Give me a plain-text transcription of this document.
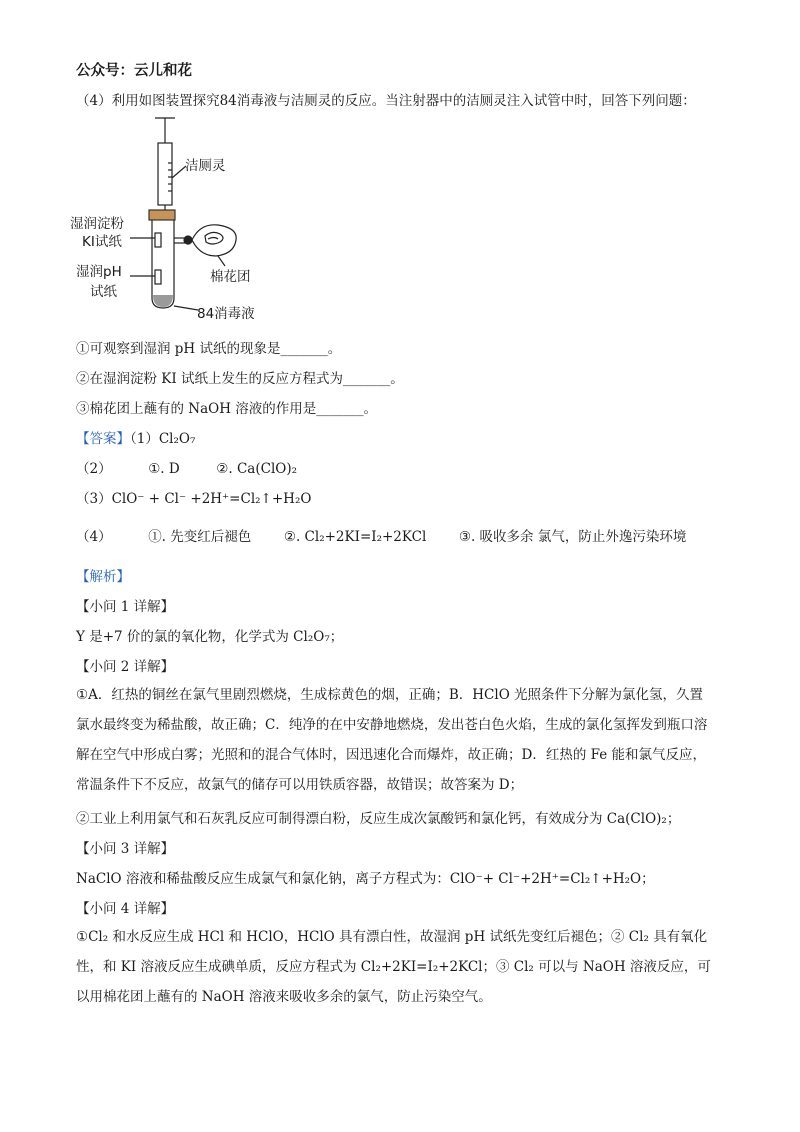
公众号：云儿和花
（4）利用如图装置探究84消毒液与洁厕灵的反应。当注射器中的洁厕灵注入试管中时，回答下列问题：
洁厕灵
湿润淀粉
KI试纸
湿润pH
试纸
棉花团
84消毒液
①可观察到湿润 pH 试纸的现象是_______。
②在湿润淀粉 KI 试纸上发生的反应方程式为_______。
③棉花团上蘸有的 NaOH 溶液的作用是_______。
【答案】（1）Cl₂O₇
（2）	①. D	②. Ca(ClO)₂
（3）ClO⁻ + Cl⁻ +2H⁺=Cl₂↑+H₂O
（4）	①. 先变红后褪色 ②. Cl₂+2KI=I₂+2KCl ③. 吸收多余 氯气，防止外逸污染环境
【解析】
【小问 1 详解】
Y 是+7 价的氯的氧化物，化学式为 Cl₂O₇；
【小问 2 详解】
①A．红热的铜丝在氯气里剧烈燃烧，生成棕黄色的烟，正确；B．HClO 光照条件下分解为氯化氢，久置氯水最终变为稀盐酸，故正确；C．纯净的在中安静地燃烧，发出苍白色火焰，生成的氯化氢挥发到瓶口溶解在空气中形成白雾；光照和的混合气体时，因迅速化合而爆炸，故正确；D．红热的 Fe 能和氯气反应，常温条件下不反应，故氯气的储存可以用铁质容器，故错误；故答案为 D；
②工业上利用氯气和石灰乳反应可制得漂白粉，反应生成次氯酸钙和氯化钙，有效成分为 Ca(ClO)₂；
【小问 3 详解】
NaClO 溶液和稀盐酸反应生成氯气和氯化钠，离子方程式为：ClO⁻+ Cl⁻+2H⁺=Cl₂↑+H₂O；
【小问 4 详解】
①Cl₂ 和水反应生成 HCl 和 HClO，HClO 具有漂白性，故湿润 pH 试纸先变红后褪色；② Cl₂ 具有氧化性，和 KI 溶液反应生成碘单质，反应方程式为 Cl₂+2KI=I₂+2KCl；③ Cl₂ 可以与 NaOH 溶液反应，可以用棉花团上蘸有的 NaOH 溶液来吸收多余的氯气，防止污染空气。
